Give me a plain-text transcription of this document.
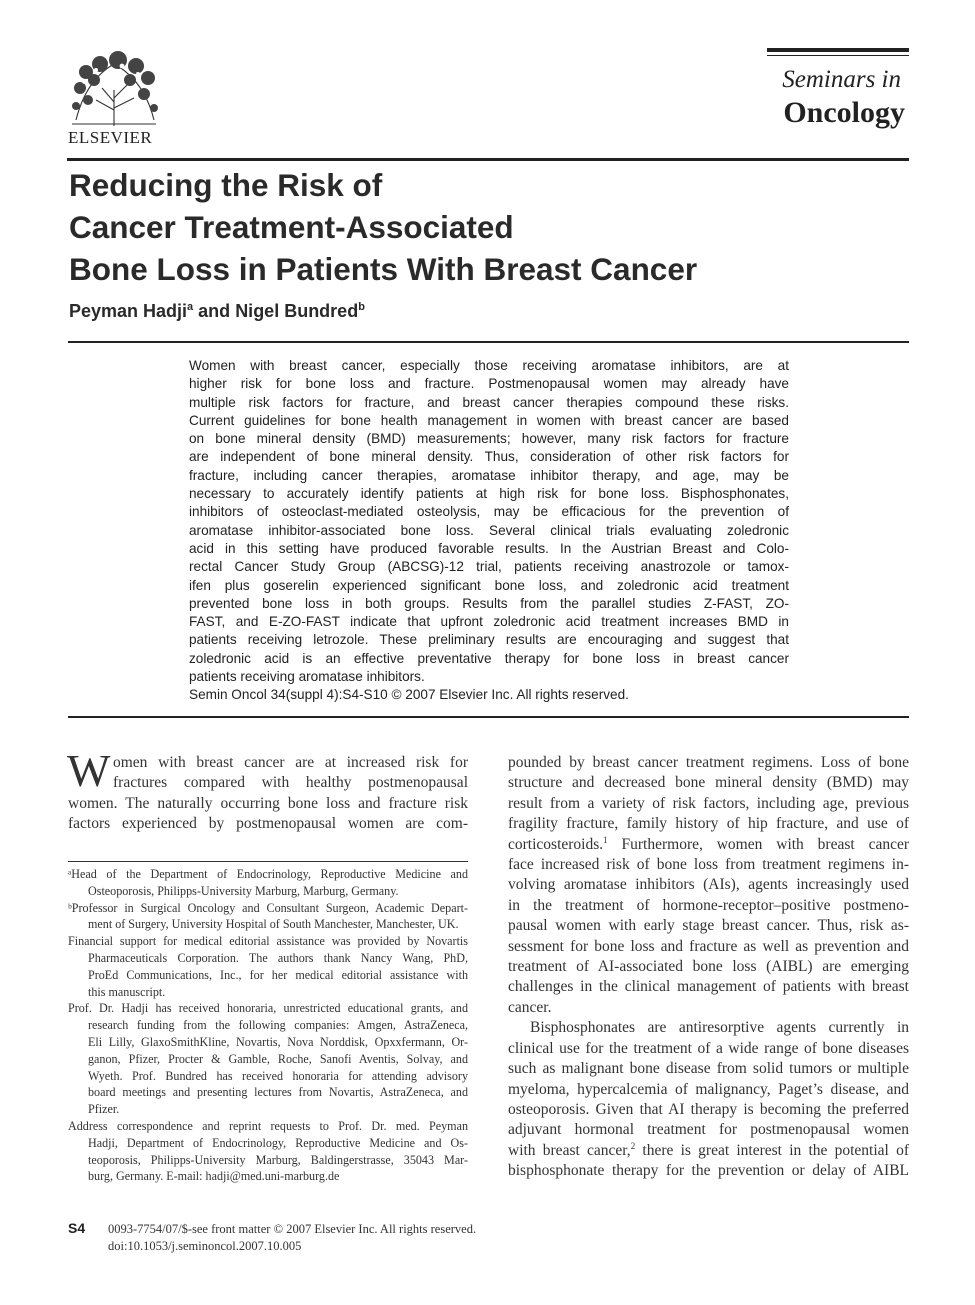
ELSEVIER
Seminars in
Oncology
Reducing the Risk of
Cancer Treatment-Associated
Bone Loss in Patients With Breast Cancer
Peyman Hadji$^a$ and Nigel Bundred$^b$
Women with breast cancer, especially those receiving aromatase inhibitors, are at
higher risk for bone loss and fracture. Postmenopausal women may already have
multiple risk factors for fracture, and breast cancer therapies compound these risks.
Current guidelines for bone health management in women with breast cancer are based
on bone mineral density (BMD) measurements; however, many risk factors for fracture
are independent of bone mineral density. Thus, consideration of other risk factors for
fracture, including cancer therapies, aromatase inhibitor therapy, and age, may be
necessary to accurately identify patients at high risk for bone loss. Bisphosphonates,
inhibitors of osteoclast-mediated osteolysis, may be efficacious for the prevention of
aromatase inhibitor-associated bone loss. Several clinical trials evaluating zoledronic
acid in this setting have produced favorable results. In the Austrian Breast and Colo-
rectal Cancer Study Group (ABCSG)-12 trial, patients receiving anastrozole or tamox-
ifen plus goserelin experienced significant bone loss, and zoledronic acid treatment
prevented bone loss in both groups. Results from the parallel studies Z-FAST, ZO-
FAST, and E-ZO-FAST indicate that upfront zoledronic acid treatment increases BMD in
patients receiving letrozole. These preliminary results are encouraging and suggest that
zoledronic acid is an effective preventative therapy for bone loss in breast cancer
patients receiving aromatase inhibitors.
Semin Oncol 34(suppl 4):S4-S10 © 2007 Elsevier Inc. All rights reserved.
W omen with breast cancer are at increased risk for
fractures compared with healthy postmenopausal
women. The naturally occurring bone loss and fracture risk
factors experienced by postmenopausal women are com-
ᵃHead of the Department of Endocrinology, Reproductive Medicine and
Osteoporosis, Philipps-University Marburg, Marburg, Germany.
ᵇProfessor in Surgical Oncology and Consultant Surgeon, Academic Depart-
ment of Surgery, University Hospital of South Manchester, Manchester, UK.
Financial support for medical editorial assistance was provided by Novartis
Pharmaceuticals Corporation. The authors thank Nancy Wang, PhD,
ProEd Communications, Inc., for her medical editorial assistance with
this manuscript.
Prof. Dr. Hadji has received honoraria, unrestricted educational grants, and
research funding from the following companies: Amgen, AstraZeneca,
Eli Lilly, GlaxoSmithKline, Novartis, Nova Norddisk, Opxxfermann, Or-
ganon, Pfizer, Procter & Gamble, Roche, Sanofi Aventis, Solvay, and
Wyeth. Prof. Bundred has received honoraria for attending advisory
board meetings and presenting lectures from Novartis, AstraZeneca, and
Pfizer.
Address correspondence and reprint requests to Prof. Dr. med. Peyman
Hadji, Department of Endocrinology, Reproductive Medicine and Os-
teoporosis, Philipps-University Marburg, Baldingerstrasse, 35043 Mar-
burg, Germany. E-mail: hadji@med.uni-marburg.de
pounded by breast cancer treatment regimens. Loss of bone
structure and decreased bone mineral density (BMD) may
result from a variety of risk factors, including age, previous
fragility fracture, family history of hip fracture, and use of
corticosteroids.$^1$ Furthermore, women with breast cancer
face increased risk of bone loss from treatment regimens in-
volving aromatase inhibitors (AIs), agents increasingly used
in the treatment of hormone-receptor–positive postmeno-
pausal women with early stage breast cancer. Thus, risk as-
sessment for bone loss and fracture as well as prevention and
treatment of AI-associated bone loss (AIBL) are emerging
challenges in the clinical management of patients with breast
cancer.
Bisphosphonates are antiresorptive agents currently in
clinical use for the treatment of a wide range of bone diseases
such as malignant bone disease from solid tumors or multiple
myeloma, hypercalcemia of malignancy, Paget’s disease, and
osteoporosis. Given that AI therapy is becoming the preferred
adjuvant hormonal treatment for postmenopausal women
with breast cancer,$^2$ there is great interest in the potential of
bisphosphonate therapy for the prevention or delay of AIBL
S4 0093-7754/07/$-see front matter © 2007 Elsevier Inc. All rights reserved.
doi:10.1053/j.seminoncol.2007.10.005
